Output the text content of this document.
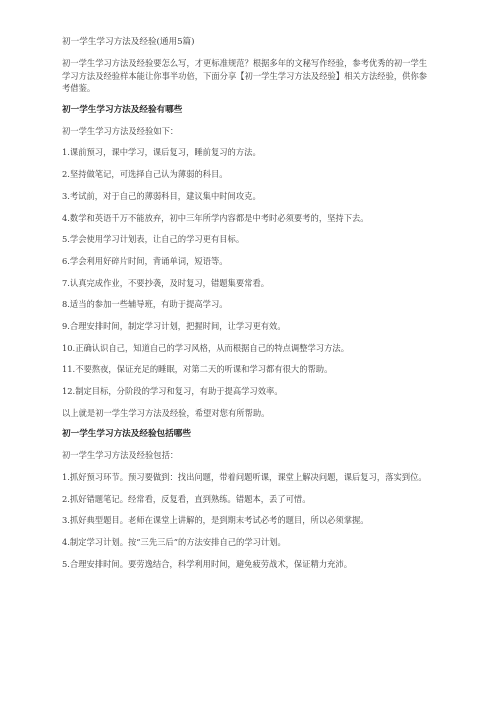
初一学生学习方法及经验(通用5篇)
初一学生学习方法及经验要怎么写，才更标准规范？根据多年的文秘写作经验，参考优秀的初一学生学习方法及经验样本能让你事半功倍，下面分享【初一学生学习方法及经验】相关方法经验，供你参考借鉴。
初一学生学习方法及经验有哪些
初一学生学习方法及经验如下：
1.课前预习，课中学习，课后复习，睡前复习的方法。
2.坚持做笔记，可选择自己认为薄弱的科目。
3.考试前，对于自己的薄弱科目，建议集中时间攻克。
4.数学和英语千万不能放弃，初中三年所学内容都是中考时必须要考的，坚持下去。
5.学会使用学习计划表，让自己的学习更有目标。
6.学会利用好碎片时间，背诵单词，短语等。
7.认真完成作业，不要抄袭，及时复习，错题集要常看。
8.适当的参加一些辅导班，有助于提高学习。
9.合理安排时间，制定学习计划，把握时间，让学习更有效。
10.正确认识自己，知道自己的学习风格，从而根据自己的特点调整学习方法。
11.不要熬夜，保证充足的睡眠，对第二天的听课和学习都有很大的帮助。
12.制定目标，分阶段的学习和复习，有助于提高学习效率。
以上就是初一学生学习方法及经验，希望对您有所帮助。
初一学生学习方法及经验包括哪些
初一学生学习方法及经验包括：
1.抓好预习环节。预习要做到：找出问题，带着问题听课，课堂上解决问题，课后复习，落实到位。
2.抓好错题笔记。经常看，反复看，直到熟练。错题本，丢了可惜。
3.抓好典型题目。老师在课堂上讲解的，是到期末考试必考的题目，所以必须掌握。
4.制定学习计划。按“三先三后”的方法安排自己的学习计划。
5.合理安排时间。要劳逸结合，科学利用时间，避免疲劳战术，保证精力充沛。
